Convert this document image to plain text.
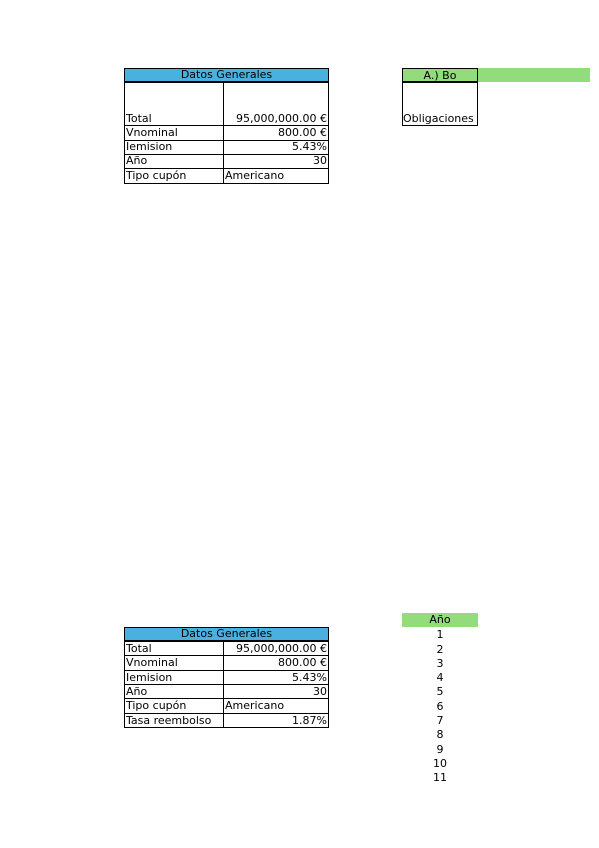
Datos Generales
Total	95,000,000.00 €
Vnominal	800.00 €
Iemision	5.43%
Año	30
Tipo cupón	Americano
A.) Bo
Obligaciones
Datos Generales
Total	95,000,000.00 €
Vnominal	800.00 €
Iemision	5.43%
Año	30
Tipo cupón	Americano
Tasa reembolso	1.87%
Año
1
2
3
4
5
6
7
8
9
10
11
